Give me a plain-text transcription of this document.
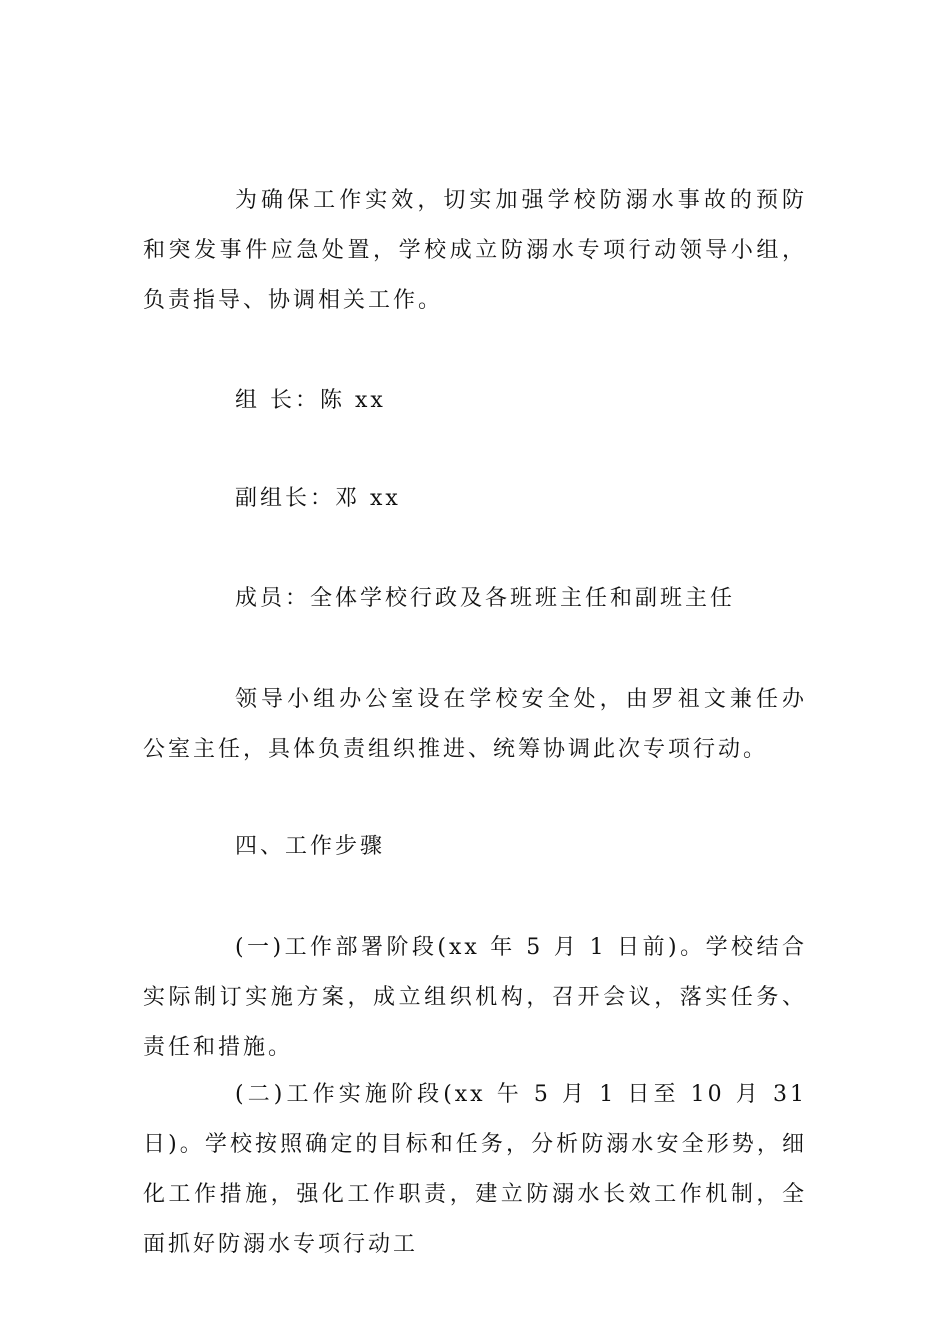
为确保工作实效，切实加强学校防溺水事故的预防和突发事件应急处置，学校成立防溺水专项行动领导小组，负责指导、协调相关工作。

组 长：陈 xx

副组长：邓 xx

成员：全体学校行政及各班班主任和副班主任

领导小组办公室设在学校安全处，由罗祖文兼任办公室主任，具体负责组织推进、统筹协调此次专项行动。

四、工作步骤

(一)工作部署阶段(xx 年 5 月 1 日前)。学校结合实际制订实施方案，成立组织机构，召开会议，落实任务、责任和措施。

(二)工作实施阶段(xx 午 5 月 1 日至 10 月 31 日)。学校按照确定的目标和任务，分析防溺水安全形势，细化工作措施，强化工作职责，建立防溺水长效工作机制，全面抓好防溺水专项行动工
